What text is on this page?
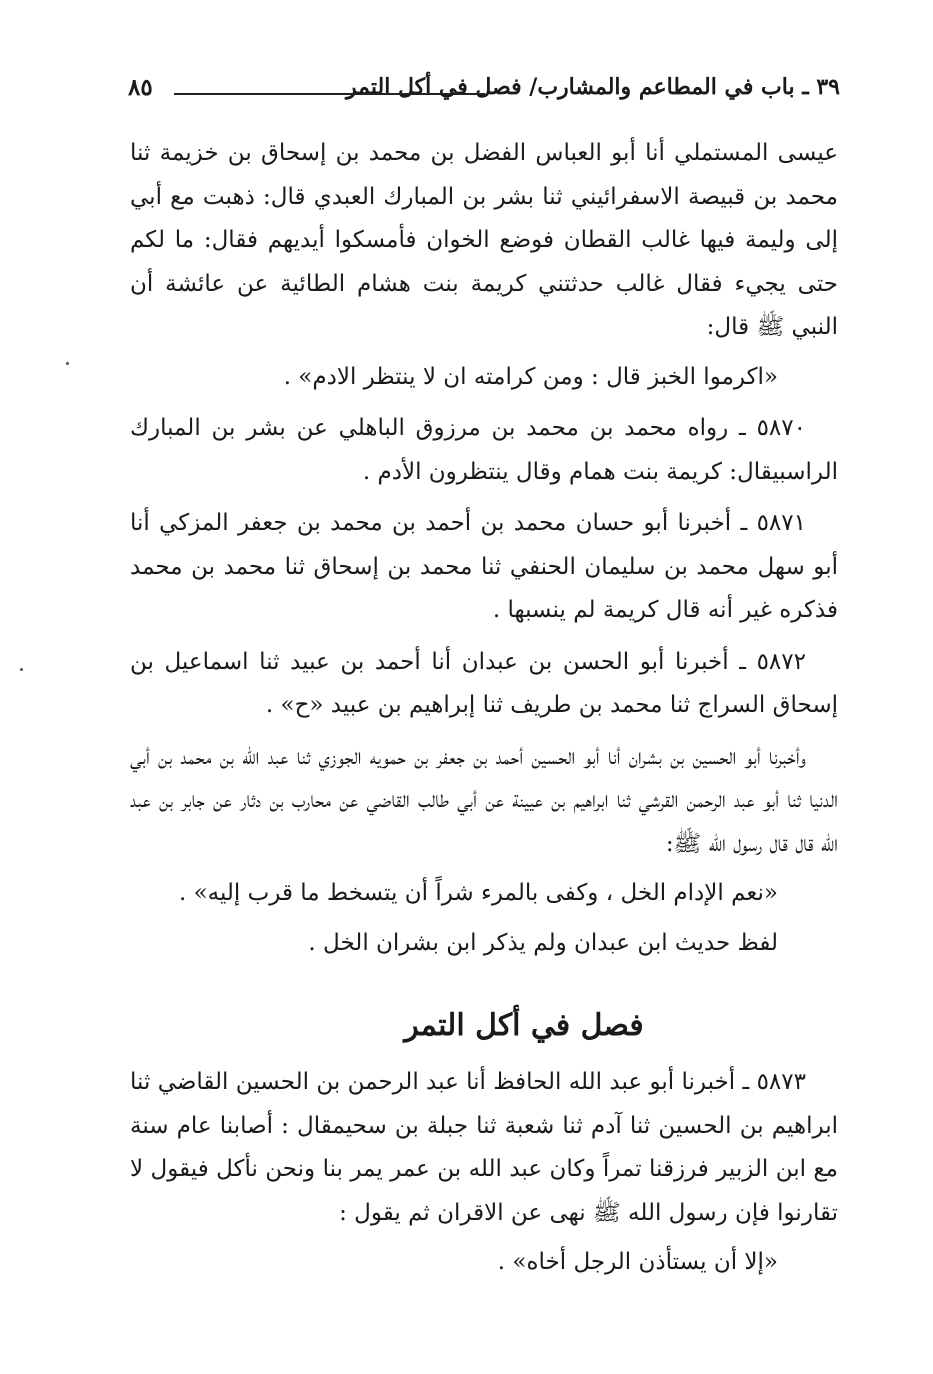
٣٩ ـ باب في المطاعم والمشارب/ فصل في أكل التمر
٨٥

عيسى المستملي أنا أبو العباس الفضل بن محمد بن إسحاق بن خزيمة ثنا محمد بن قبيصة الاسفرائيني ثنا بشر بن المبارك العبدي قال: ذهبت مع أبي إلى وليمة فيها غالب القطان فوضع الخوان فأمسكوا أيديهم فقال: ما لكم حتى يجيء فقال غالب حدثتني كريمة بنت هشام الطائية عن عائشة أن النبي ﷺ قال:

«اكرموا الخبز قال : ومن كرامته ان لا ينتظر الادم» .

٥٨٧٠ ـ رواه محمد بن محمد بن مرزوق الباهلي عن بشر بن المبارك الراسبيقال: كريمة بنت همام وقال ينتظرون الأدم .

٥٨٧١ ـ أخبرنا أبو حسان محمد بن أحمد بن محمد بن جعفر المزكي أنا أبو سهل محمد بن سليمان الحنفي ثنا محمد بن إسحاق ثنا محمد بن محمد فذكره غير أنه قال كريمة لم ينسبها .

٥٨٧٢ ـ أخبرنا أبو الحسن بن عبدان أنا أحمد بن عبيد ثنا اسماعيل بن إسحاق السراج ثنا محمد بن طريف ثنا إبراهيم بن عبيد «ح» .

وأخبرنا أبو الحسين بن بشران أنا أبو الحسين أحمد بن جعفر بن حمويه الجوزي ثنا عبد الله بن محمد بن أبي الدنيا ثنا أبو عبد الرحمن القرشي ثنا ابراهيم بن عيينة عن أبي طالب القاضي عن محارب بن دثار عن جابر بن عبد الله قال قال رسول الله ﷺ:

«نعم الإدام الخل ، وكفى بالمرء شراً أن يتسخط ما قرب إليه» .

لفظ حديث ابن عبدان ولم يذكر ابن بشران الخل .

فصل في أكل التمر

٥٨٧٣ ـ أخبرنا أبو عبد الله الحافظ أنا عبد الرحمن بن الحسين القاضي ثنا ابراهيم بن الحسين ثنا آدم ثنا شعبة ثنا جبلة بن سحيمقال : أصابنا عام سنة مع ابن الزبير فرزقنا تمراً وكان عبد الله بن عمر يمر بنا ونحن نأكل فيقول لا تقارنوا فإن رسول الله ﷺ نهى عن الاقران ثم يقول :

«إلا أن يستأذن الرجل أخاه» .
